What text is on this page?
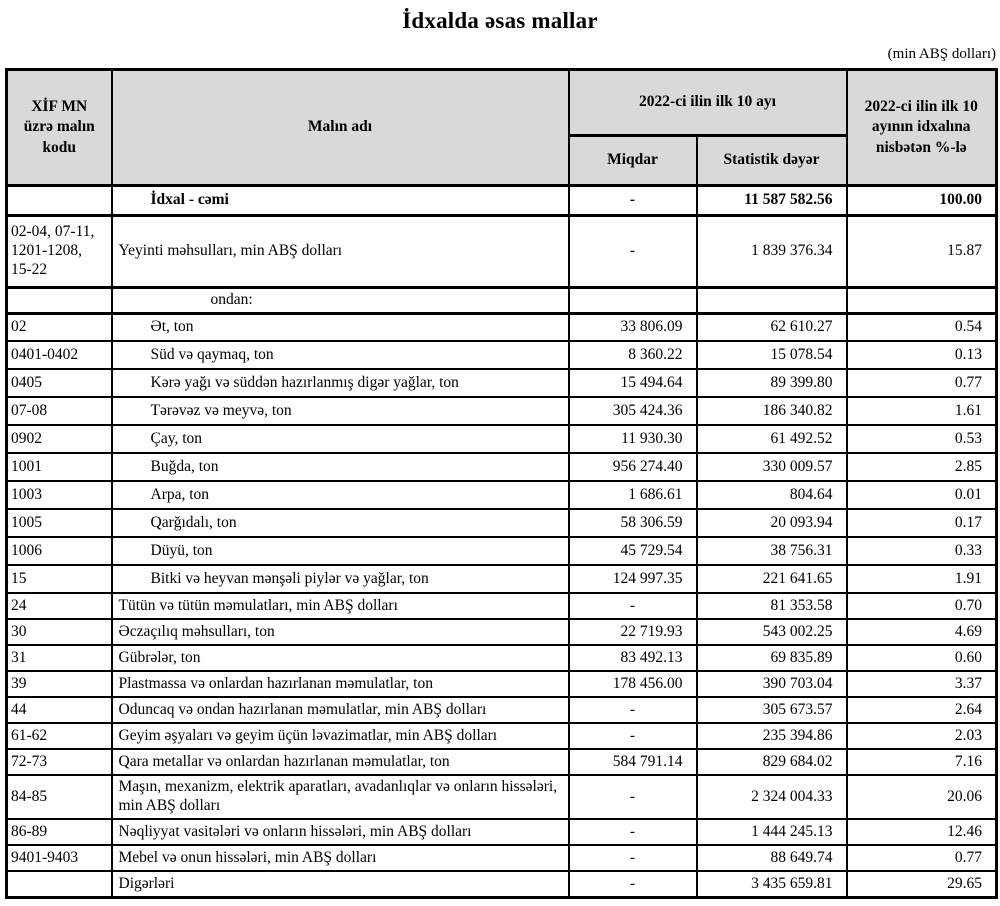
İdxalda əsas mallar
(min ABŞ dolları)
XİF MN üzrə malın kodu	Malın adı	2022-ci ilin ilk 10 ayı		2022-ci ilin ilk 10 ayının idxalına nisbətən %-lə
		Miqdar	Statistik dəyər	
	İdxal - cəmi	-	11 587 582.56	100.00
02-04, 07-11, 1201-1208, 15-22	Yeyinti məhsulları, min ABŞ dolları	-	1 839 376.34	15.87
	ondan:			
02	Ət, ton	33 806.09	62 610.27	0.54
0401-0402	Süd və qaymaq, ton	8 360.22	15 078.54	0.13
0405	Kərə yağı və süddən hazırlanmış digər yağlar, ton	15 494.64	89 399.80	0.77
07-08	Tərəvəz və meyvə, ton	305 424.36	186 340.82	1.61
0902	Çay, ton	11 930.30	61 492.52	0.53
1001	Buğda, ton	956 274.40	330 009.57	2.85
1003	Arpa, ton	1 686.61	804.64	0.01
1005	Qarğıdalı, ton	58 306.59	20 093.94	0.17
1006	Düyü, ton	45 729.54	38 756.31	0.33
15	Bitki və heyvan mənşəli piylər və yağlar, ton	124 997.35	221 641.65	1.91
24	Tütün və tütün məmulatları, min ABŞ dolları	-	81 353.58	0.70
30	Əczaçılıq məhsulları, ton	22 719.93	543 002.25	4.69
31	Gübrələr, ton	83 492.13	69 835.89	0.60
39	Plastmassa və onlardan hazırlanan məmulatlar, ton	178 456.00	390 703.04	3.37
44	Oduncaq və ondan hazırlanan məmulatlar, min ABŞ dolları	-	305 673.57	2.64
61-62	Geyim əşyaları və geyim üçün ləvazimatlar, min ABŞ dolları	-	235 394.86	2.03
72-73	Qara metallar və onlardan hazırlanan məmulatlar, ton	584 791.14	829 684.02	7.16
84-85	Maşın, mexanizm, elektrik aparatları, avadanlıqlar və onların hissələri, min ABŞ dolları	-	2 324 004.33	20.06
86-89	Nəqliyyat vasitələri və onların hissələri, min ABŞ dolları	-	1 444 245.13	12.46
9401-9403	Mebel və onun hissələri, min ABŞ dolları	-	88 649.74	0.77
	Digərləri	-	3 435 659.81	29.65
